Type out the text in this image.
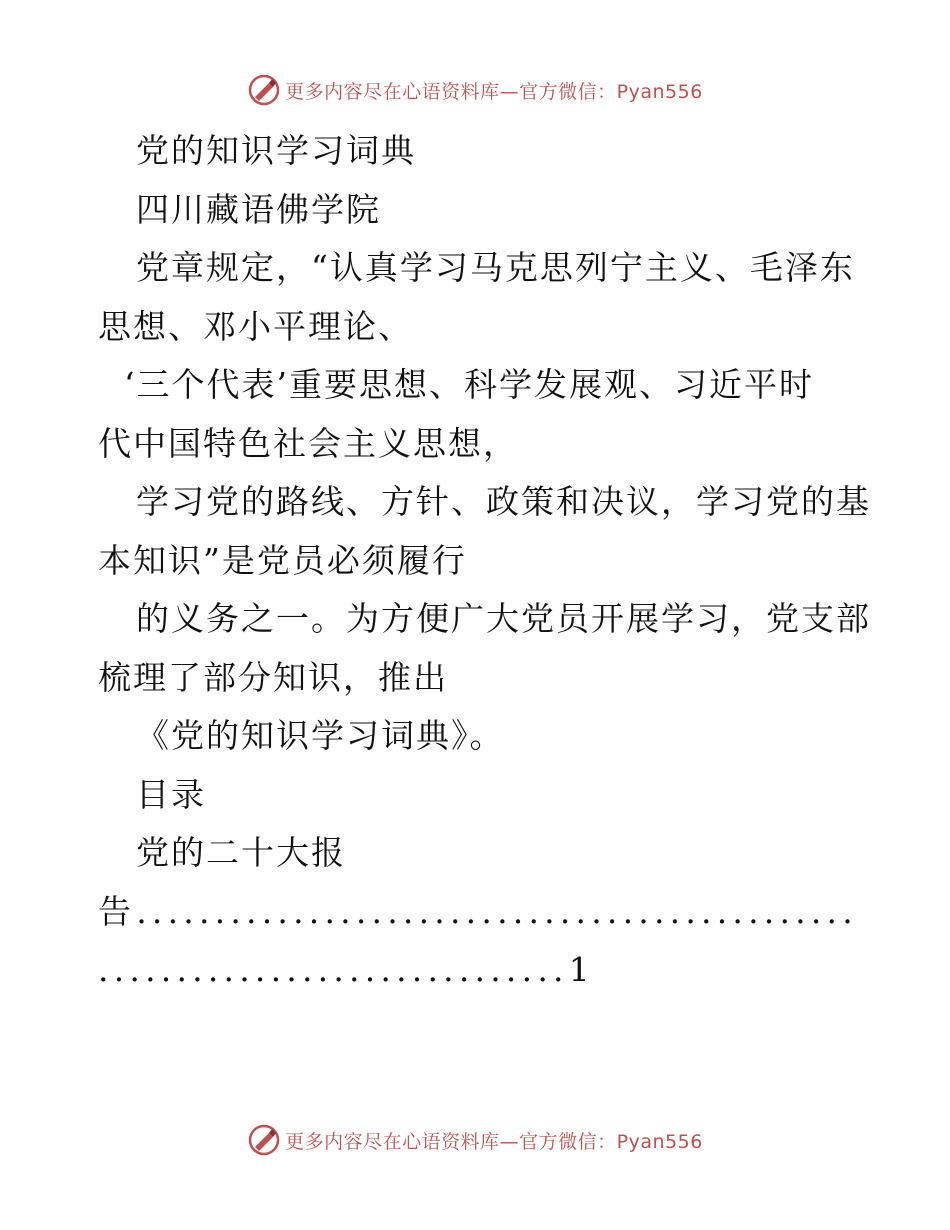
更多内容尽在心语资料库—官方微信：Pyan556
党的知识学习词典
四川藏语佛学院
党章规定，“认真学习马克思列宁主义、毛泽东
思想、邓小平理论、
‘三个代表’重要思想、科学发展观、习近平时
代中国特色社会主义思想，
学习党的路线、方针、政策和决议，学习党的基
本知识”是党员必须履行
的义务之一。为方便广大党员开展学习，党支部
梳理了部分知识，推出
《党的知识学习词典》。
目录
党的二十大报
告..............................................
..............................1
更多内容尽在心语资料库—官方微信：Pyan556
